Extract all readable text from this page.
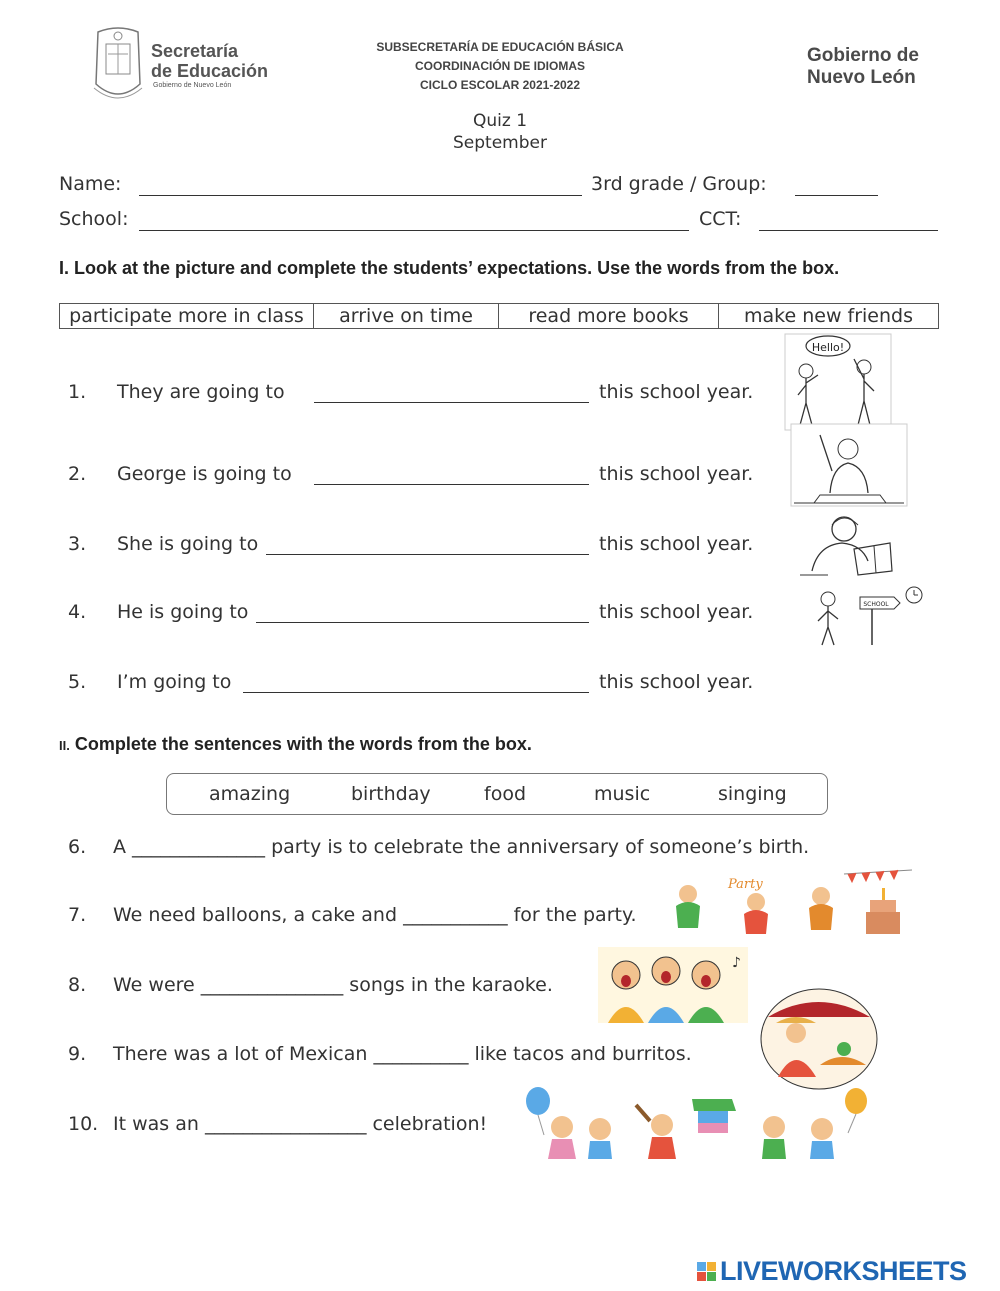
Secretaría
de Educación
Gobierno de Nuevo León
SUBSECRETARÍA DE EDUCACIÓN BÁSICA
COORDINACIÓN DE IDIOMAS
CICLO ESCOLAR 2021-2022
Gobierno de
Nuevo León
Quiz 1
September
Name:	3rd grade / Group:
School:	CCT:
I. Look at the picture and complete the students’ expectations. Use the words from the box.
participate more in class	arrive on time	read more books	make new friends
1. They are going to	this school year.
2. George is going to	this school year.
3. She is going to	this school year.
4. He is going to	this school year.
5. I’m going to	this school year.
Hello!
SCHOOL
II. Complete the sentences with the words from the box.
amazing	birthday	food	music	singing
6. A ______________ party is to celebrate the anniversary of someone’s birth.
7. We need balloons, a cake and ___________ for the party.
8. We were _______________ songs in the karaoke.
9. There was a lot of Mexican __________ like tacos and burritos.
10. It was an _________________ celebration!
Party
♪
LIVEWORKSHEETS
